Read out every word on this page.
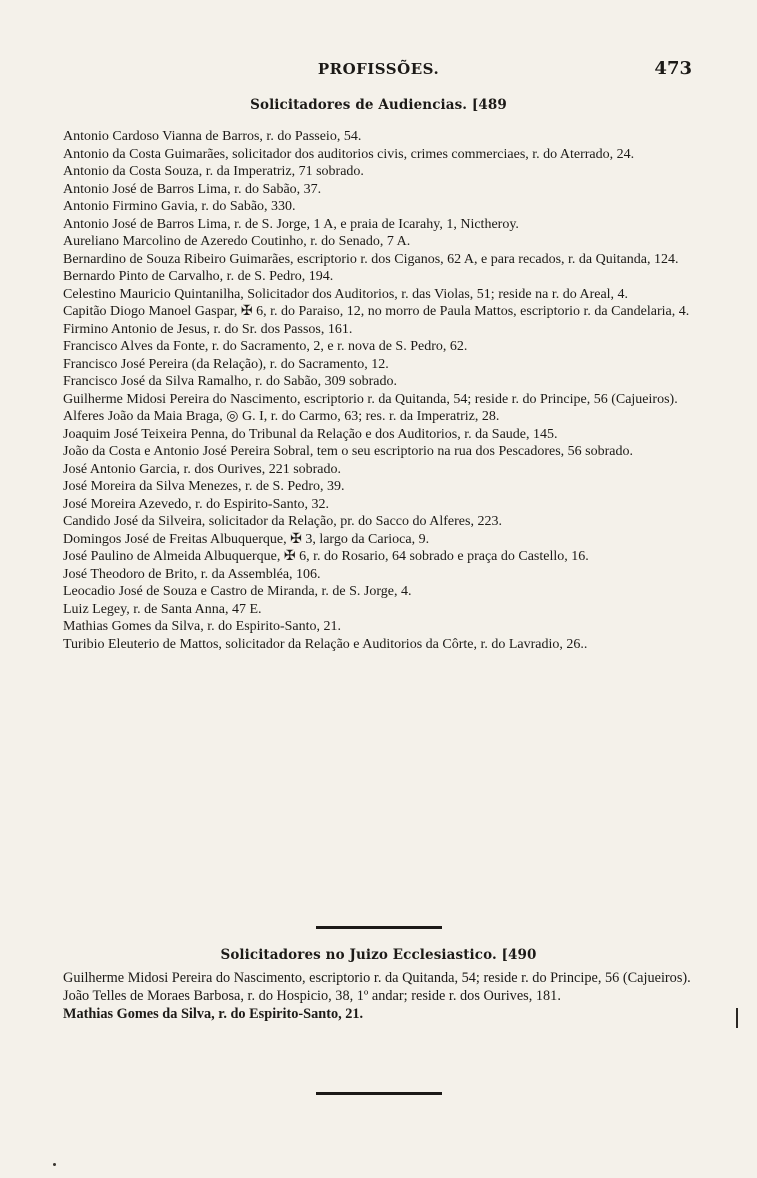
PROFISSÕES.	473
Solicitadores de Audiencias. [489

Antonio Cardoso Vianna de Barros, r. do Passeio, 54.

Antonio da Costa Guimarães, solicitador dos auditorios civis, crimes commerciaes, r. do Aterrado, 24.

Antonio da Costa Souza, r. da Imperatriz, 71 sobrado.

Antonio José de Barros Lima, r. do Sabão, 37.

Antonio Firmino Gavia, r. do Sabão, 330.

Antonio José de Barros Lima, r. de S. Jorge, 1 A, e praia de Icarahy, 1, Nictheroy.

Aureliano Marcolino de Azeredo Coutinho, r. do Senado, 7 A.

Bernardino de Souza Ribeiro Guimarães, escriptorio r. dos Ciganos, 62 A, e para recados, r. da Quitanda, 124.

Bernardo Pinto de Carvalho, r. de S. Pedro, 194.

Celestino Mauricio Quintanilha, Solicitador dos Auditorios, r. das Violas, 51; reside na r. do Areal, 4.

Capitão Diogo Manoel Gaspar, ✠ 6, r. do Paraiso, 12, no morro de Paula Mattos, escriptorio r. da Candelaria, 4.

Firmino Antonio de Jesus, r. do Sr. dos Passos, 161.

Francisco Alves da Fonte, r. do Sacramento, 2, e r. nova de S. Pedro, 62.

Francisco José Pereira (da Relação), r. do Sacramento, 12.

Francisco José da Silva Ramalho, r. do Sabão, 309 sobrado.

Guilherme Midosi Pereira do Nascimento, escriptorio r. da Quitanda, 54; reside r. do Principe, 56 (Cajueiros).

Alferes João da Maia Braga, ◎ G. I, r. do Carmo, 63; res. r. da Imperatriz, 28.

Joaquim José Teixeira Penna, do Tribunal da Relação e dos Auditorios, r. da Saude, 145.

João da Costa e Antonio José Pereira Sobral, tem o seu escriptorio na rua dos Pescadores, 56 sobrado.

José Antonio Garcia, r. dos Ourives, 221 sobrado.

José Moreira da Silva Menezes, r. de S. Pedro, 39.

José Moreira Azevedo, r. do Espirito-Santo, 32.

Candido José da Silveira, solicitador da Relação, pr. do Sacco do Alferes, 223.

Domingos José de Freitas Albuquerque, ✠ 3, largo da Carioca, 9.

José Paulino de Almeida Albuquerque, ✠ 6, r. do Rosario, 64 sobrado e praça do Castello, 16.

José Theodoro de Brito, r. da Assembléa, 106.

Leocadio José de Souza e Castro de Miranda, r. de S. Jorge, 4.

Luiz Legey, r. de Santa Anna, 47 E.

Mathias Gomes da Silva, r. do Espirito-Santo, 21.

Turibio Eleuterio de Mattos, solicitador da Relação e Auditorios da Côrte, r. do Lavradio, 26..

Solicitadores no Juizo Ecclesiastico. [490

Guilherme Midosi Pereira do Nascimento, escriptorio r. da Quitanda, 54; reside r. do Principe, 56 (Cajueiros).

João Telles de Moraes Barbosa, r. do Hospicio, 38, 1º andar; reside r. dos Ourives, 181.

Mathias Gomes da Silva, r. do Espirito-Santo, 21.
